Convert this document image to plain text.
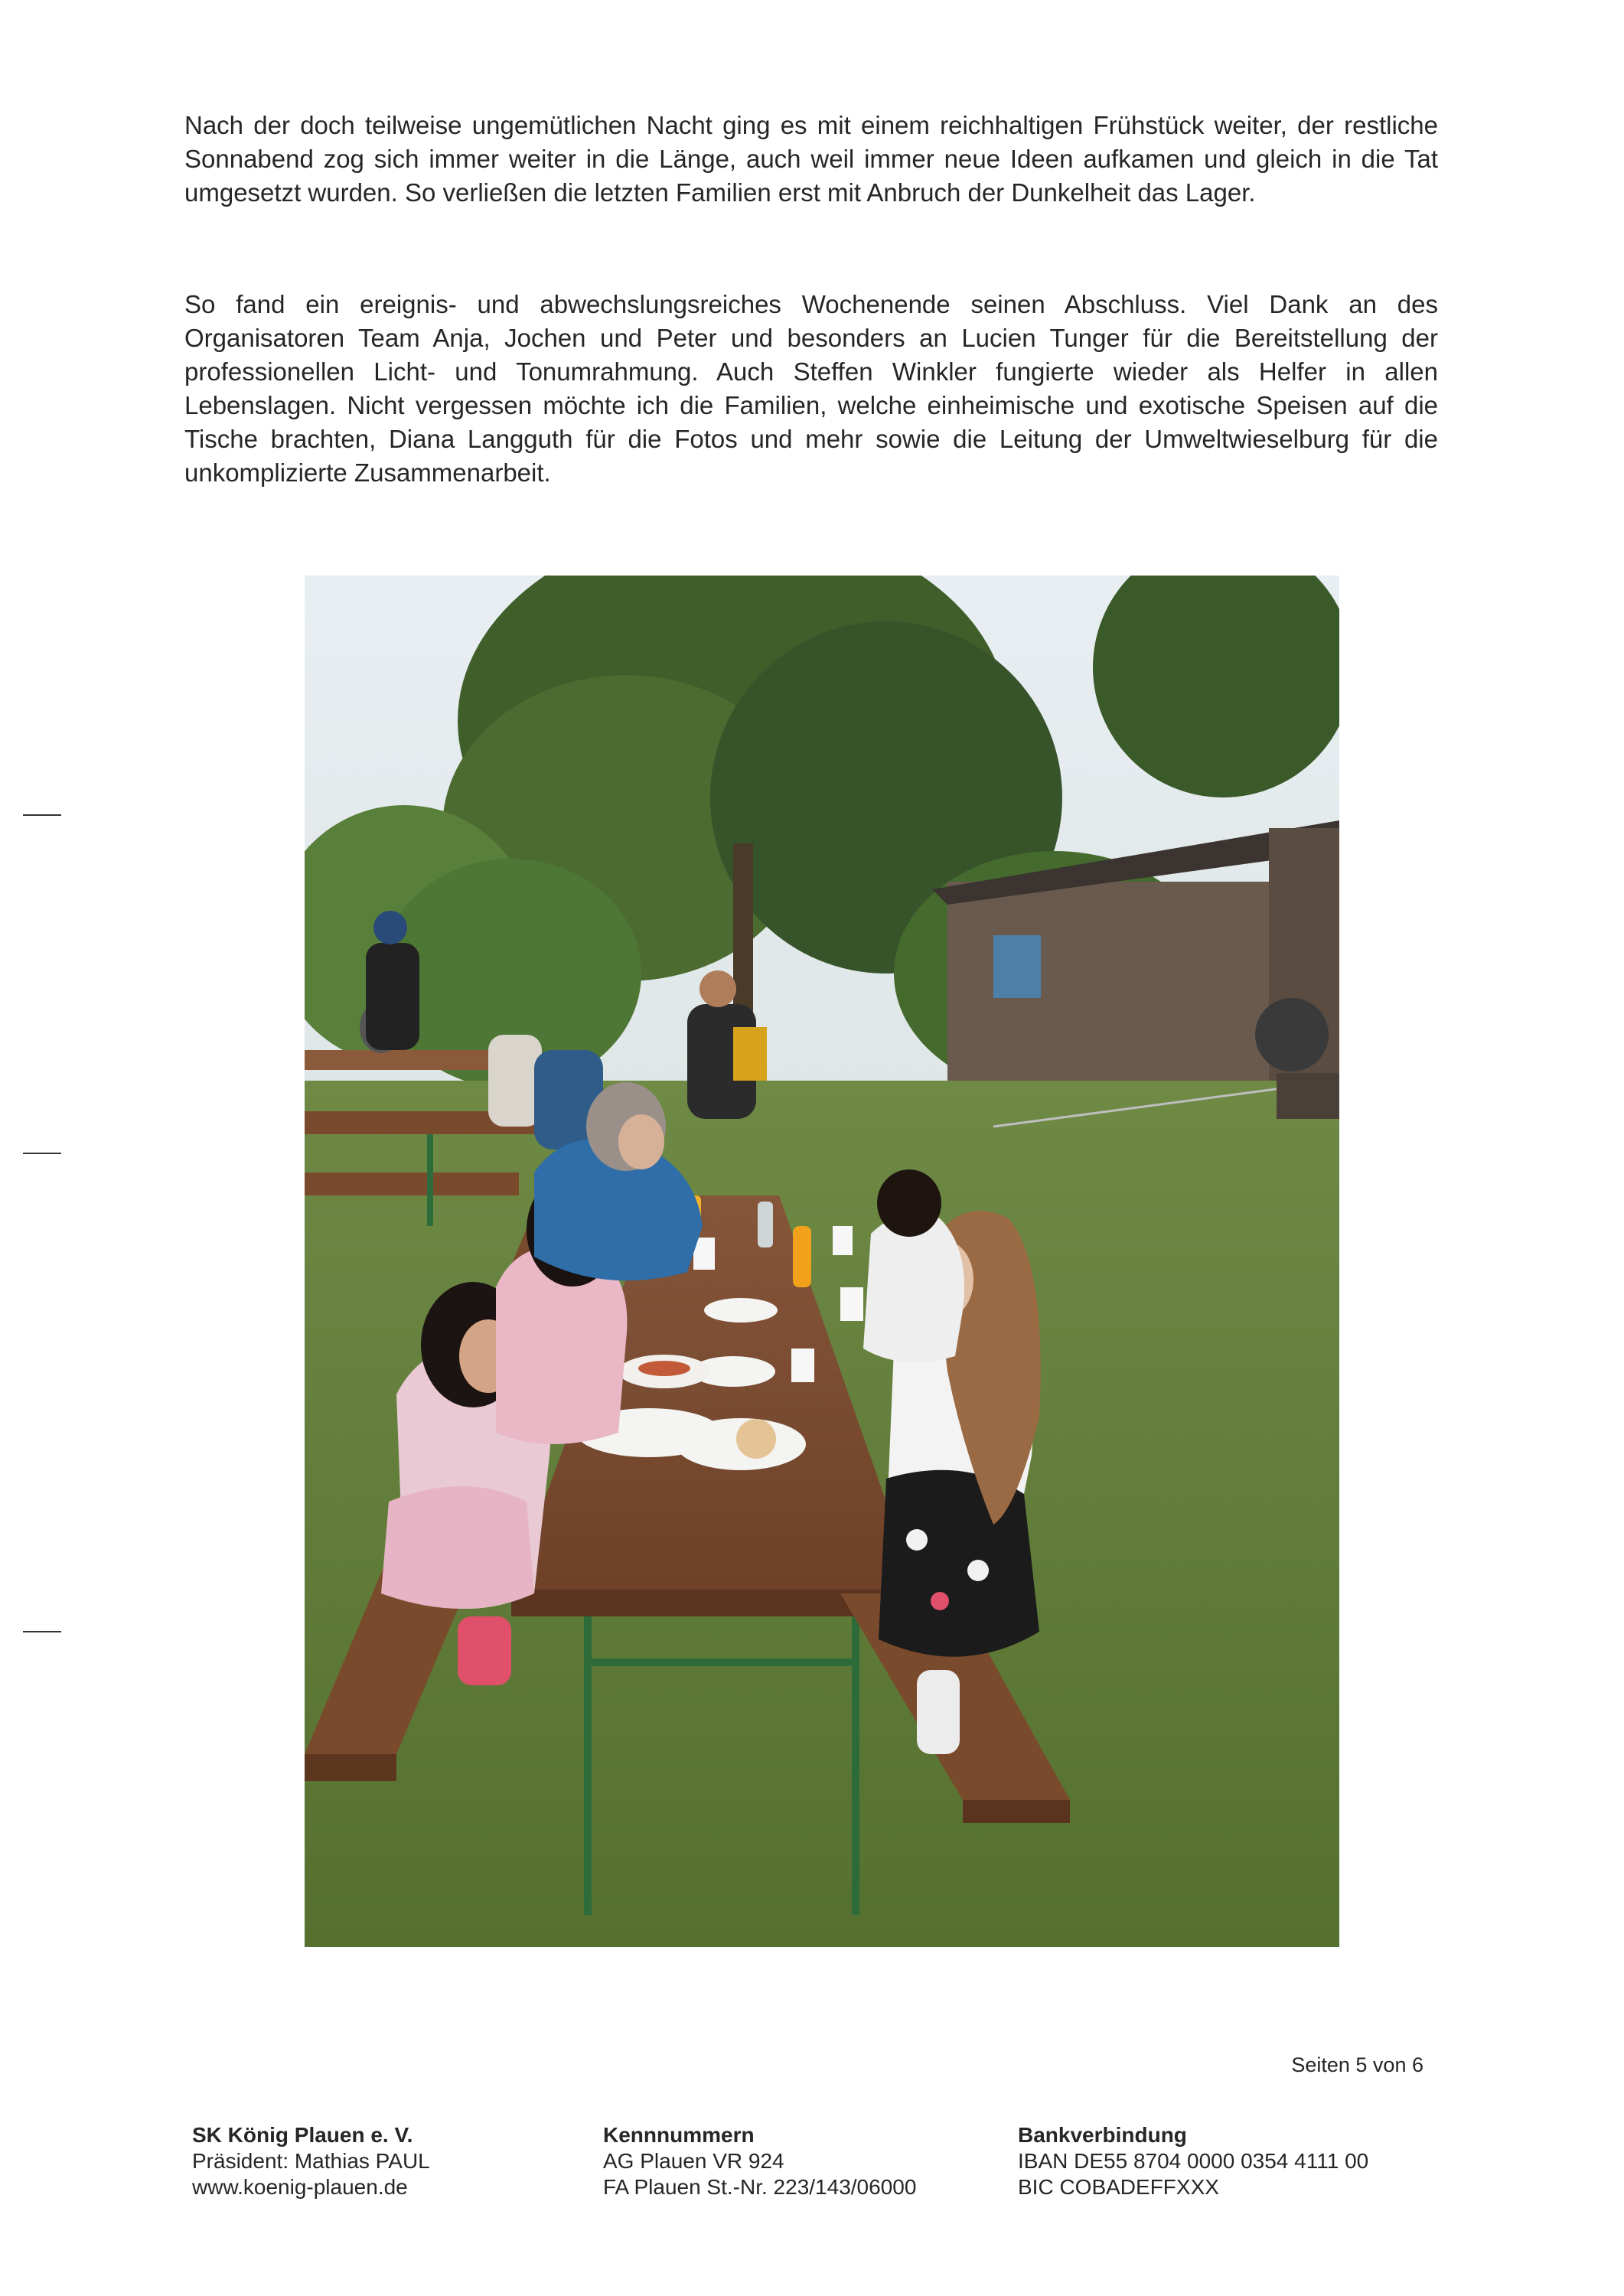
Nach der doch teilweise ungemütlichen Nacht ging es mit einem reichhaltigen Frühstück weiter, der restliche Sonnabend zog sich immer weiter in die Länge, auch weil immer neue Ideen aufkamen und gleich in die Tat umgesetzt wurden. So verließen die letzten Familien erst mit Anbruch der Dunkelheit das Lager.

So fand ein ereignis- und abwechslungsreiches Wochenende seinen Abschluss. Viel Dank an des Organisatoren Team Anja, Jochen und Peter und besonders an Lucien Tunger für die Bereitstellung der professionellen Licht- und Tonumrahmung. Auch Steffen Winkler fungierte wieder als Helfer in allen Lebenslagen. Nicht vergessen möchte ich die Familien, welche einheimische und exotische Speisen auf die Tische brachten, Diana Langguth für die Fotos und mehr sowie die Leitung der Umweltwieselburg für die unkomplizierte Zusammenarbeit.

Seiten 5 von 6
SK König Plauen e. V.
Präsident: Mathias PAUL
www.koenig-plauen.de
Kennnummern
AG Plauen VR 924
FA Plauen St.-Nr. 223/143/06000
Bankverbindung
IBAN DE55 8704 0000 0354 4111 00
BIC COBADEFFXXX
